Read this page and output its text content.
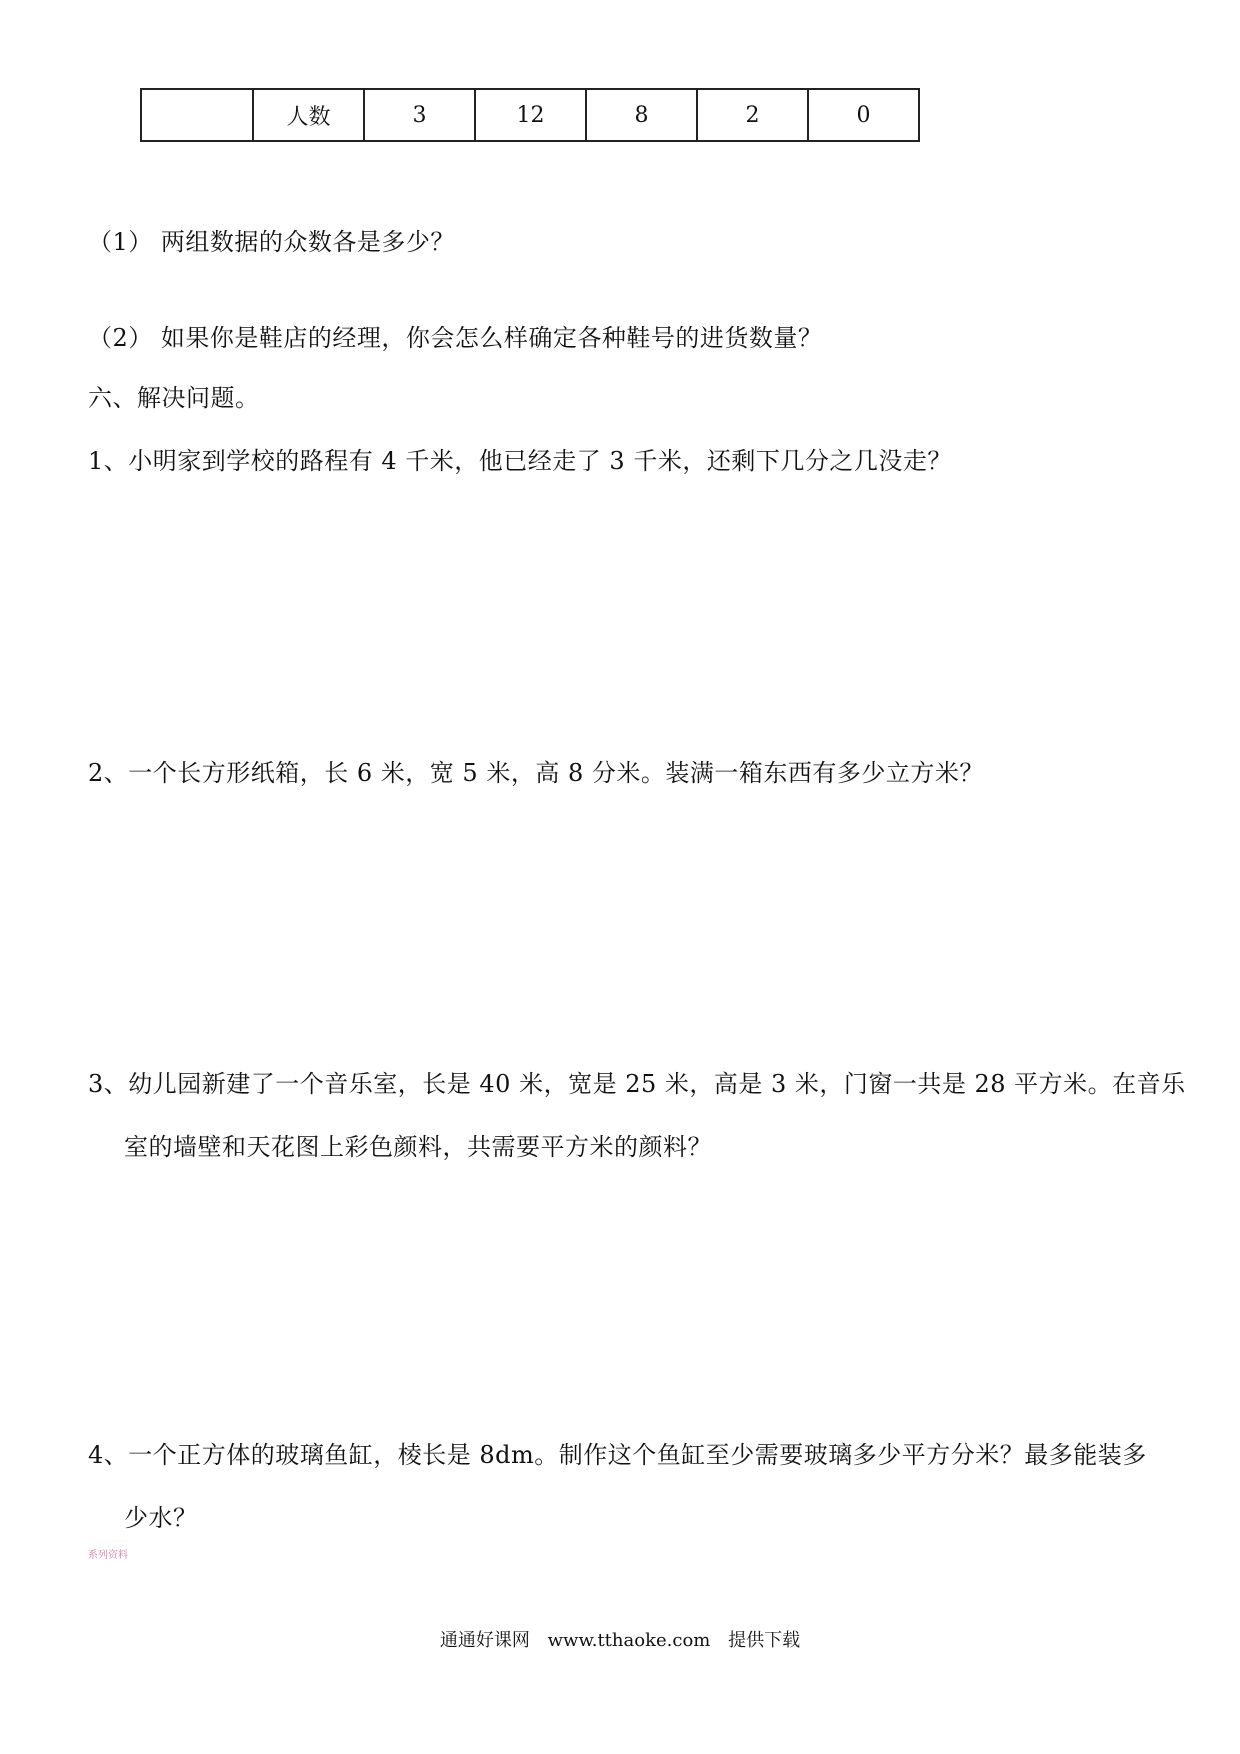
	人数	3	12	8	2	0
（1） 两组数据的众数各是多少？
（2） 如果你是鞋店的经理，你会怎么样确定各种鞋号的进货数量？
六、解决问题。
1、小明家到学校的路程有 4 千米，他已经走了 3 千米，还剩下几分之几没走？
2、一个长方形纸箱，长 6 米，宽 5 米，高 8 分米。装满一箱东西有多少立方米？
3、幼儿园新建了一个音乐室，长是 40 米，宽是 25 米，高是 3 米，门窗一共是 28 平方米。在音乐
室的墙壁和天花图上彩色颜料，共需要平方米的颜料？
4、一个正方体的玻璃鱼缸，棱长是 8dm。制作这个鱼缸至少需要玻璃多少平方分米？最多能装多
少水？
系列资料
通通好课网 www.tthaoke.com 提供下载
